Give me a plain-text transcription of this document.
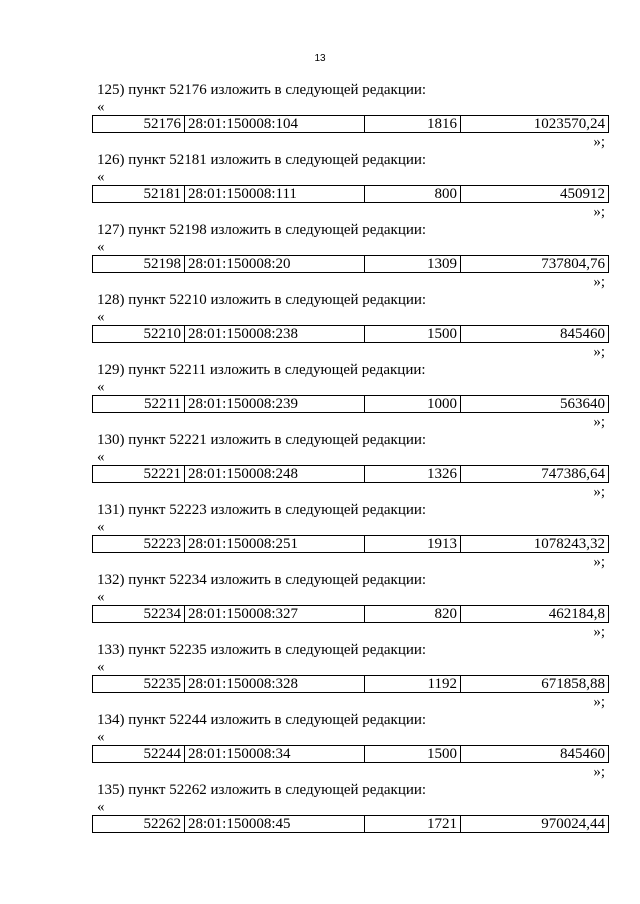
13
125) пункт 52176 изложить в следующей редакции:
«
52176 28:01:150008:104	1816	1023570,24
»;
126) пункт 52181 изложить в следующей редакции:
«
52181 28:01:150008:111	800	450912
»;
127) пункт 52198 изложить в следующей редакции:
«
52198 28:01:150008:20	1309	737804,76
»;
128) пункт 52210 изложить в следующей редакции:
«
52210 28:01:150008:238	1500	845460
»;
129) пункт 52211 изложить в следующей редакции:
«
52211 28:01:150008:239	1000	563640
»;
130) пункт 52221 изложить в следующей редакции:
«
52221 28:01:150008:248	1326	747386,64
»;
131) пункт 52223 изложить в следующей редакции:
«
52223 28:01:150008:251	1913	1078243,32
»;
132) пункт 52234 изложить в следующей редакции:
«
52234 28:01:150008:327	820	462184,8
»;
133) пункт 52235 изложить в следующей редакции:
«
52235 28:01:150008:328	1192	671858,88
»;
134) пункт 52244 изложить в следующей редакции:
«
52244 28:01:150008:34	1500	845460
»;
135) пункт 52262 изложить в следующей редакции:
«
52262 28:01:150008:45	1721	970024,44
